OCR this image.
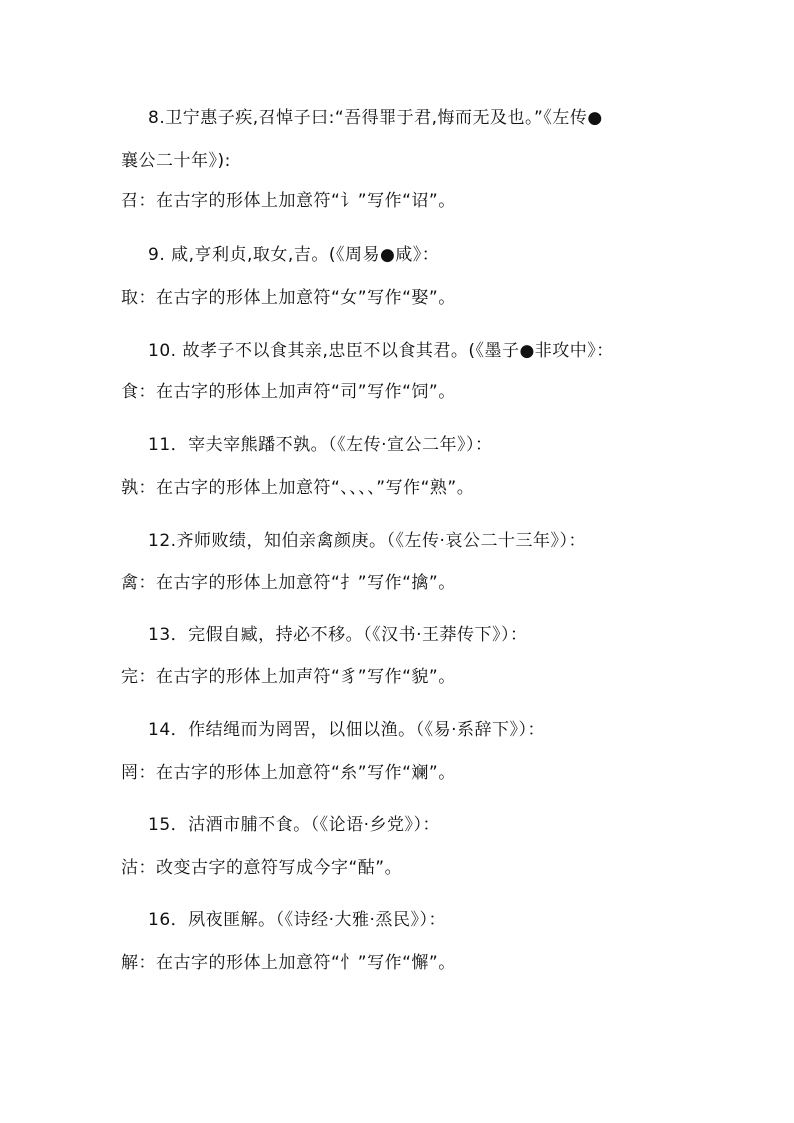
8.卫宁惠子疾,召悼子曰:“吾得罪于君,悔而无及也。”《左传●
襄公二十年》):
召：在古字的形体上加意符“讠”写作“诏”。
9. 咸,亨利贞,取女,吉。(《周易●咸》：
取：在古字的形体上加意符“女”写作“娶”。
10. 故孝子不以食其亲,忠臣不以食其君。(《墨子●非攻中》：
食：在古字的形体上加声符“司”写作“饲”。
11．宰夫宰熊蹯不孰。（《左传·宣公二年》）：
孰：在古字的形体上加意符“、、、、”写作“熟”。
12.齐师败绩，知伯亲禽颜庚。（《左传·哀公二十三年》）：
禽：在古字的形体上加意符“扌”写作“擒”。
13．完假自臧，持必不移。（《汉书·王莽传下》）：
完：在古字的形体上加声符“豸”写作“貌”。
14．作结绳而为罔罟，以佃以渔。（《易·系辞下》）：
罔：在古字的形体上加意符“糸”写作“斓”。
15．沽酒市脯不食。（《论语·乡党》）：
沽：改变古字的意符写成今字“酤”。
16．夙夜匪解。（《诗经·大雅·烝民》）：
解：在古字的形体上加意符“忄”写作“懈”。
